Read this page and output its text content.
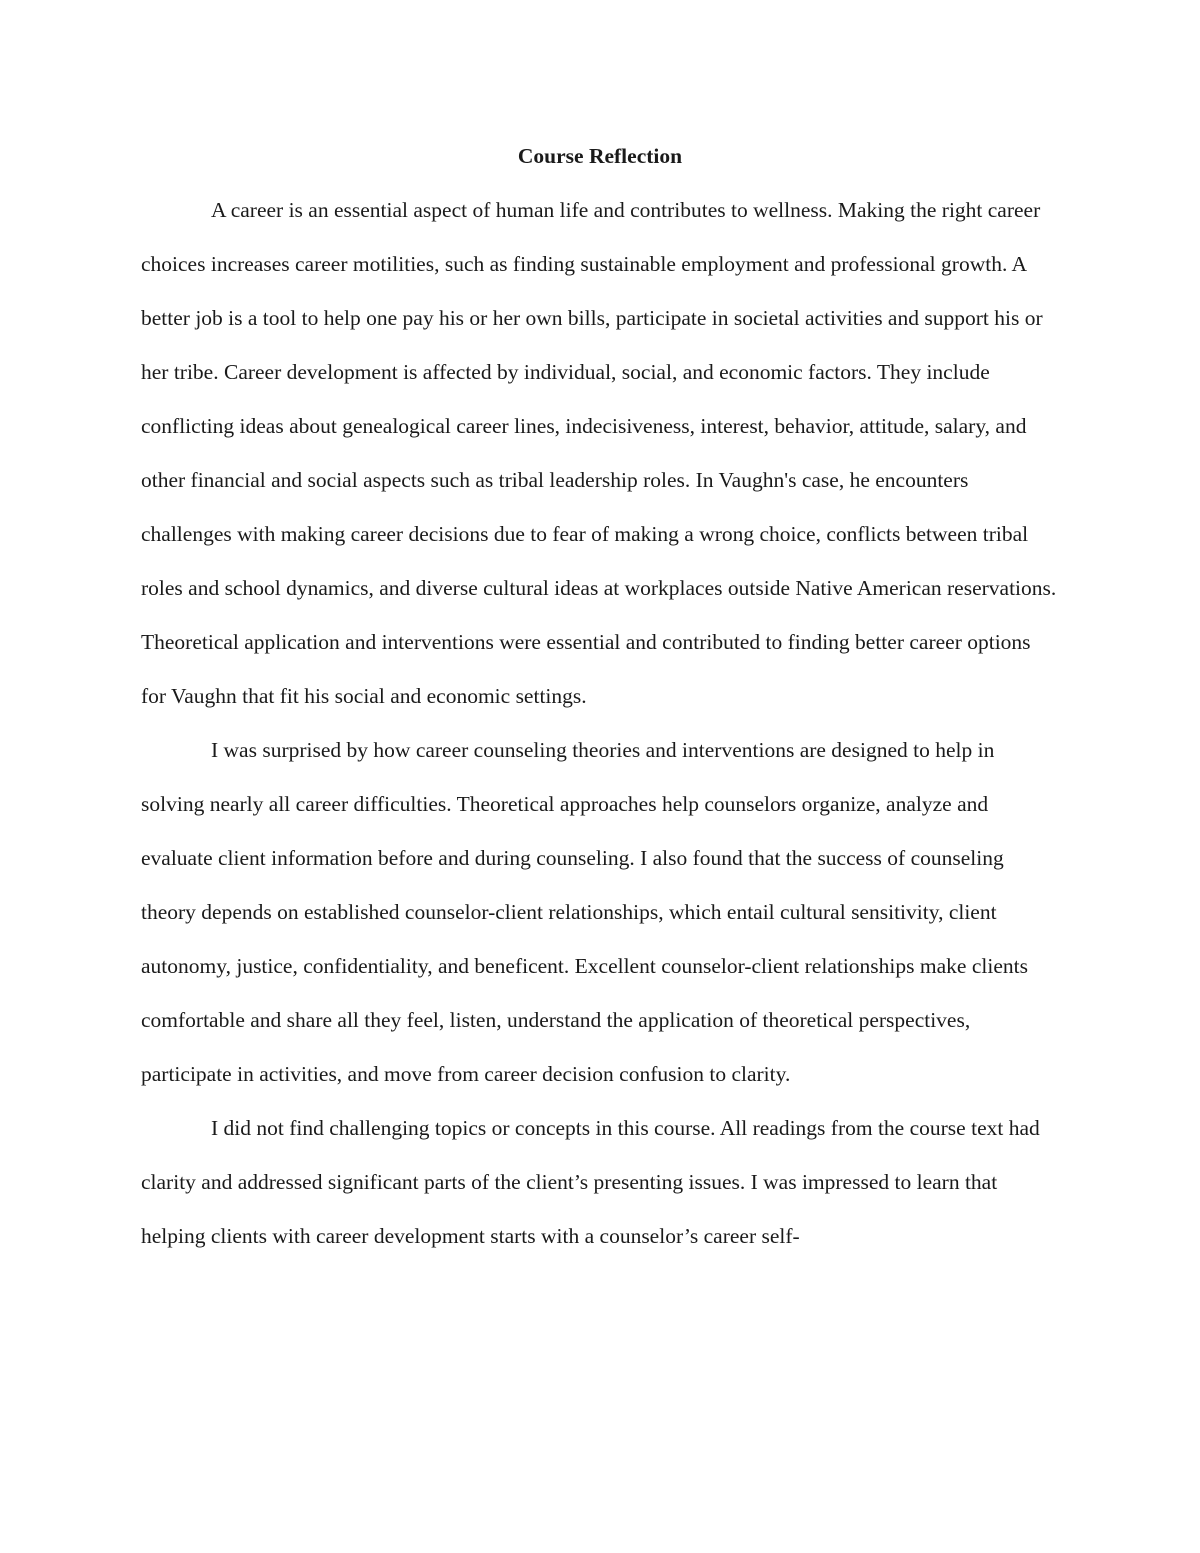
Course Reflection

A career is an essential aspect of human life and contributes to wellness. Making the right career choices increases career motilities, such as finding sustainable employment and professional growth. A better job is a tool to help one pay his or her own bills, participate in societal activities and support his or her tribe. Career development is affected by individual, social, and economic factors. They include conflicting ideas about genealogical career lines, indecisiveness, interest, behavior, attitude, salary, and other financial and social aspects such as tribal leadership roles. In Vaughn's case, he encounters challenges with making career decisions due to fear of making a wrong choice, conflicts between tribal roles and school dynamics, and diverse cultural ideas at workplaces outside Native American reservations. Theoretical application and interventions were essential and contributed to finding better career options for Vaughn that fit his social and economic settings.

I was surprised by how career counseling theories and interventions are designed to help in solving nearly all career difficulties. Theoretical approaches help counselors organize, analyze and evaluate client information before and during counseling. I also found that the success of counseling theory depends on established counselor-client relationships, which entail cultural sensitivity, client autonomy, justice, confidentiality, and beneficent. Excellent counselor-client relationships make clients comfortable and share all they feel, listen, understand the application of theoretical perspectives, participate in activities, and move from career decision confusion to clarity.

I did not find challenging topics or concepts in this course. All readings from the course text had clarity and addressed significant parts of the client’s presenting issues. I was impressed to learn that helping clients with career development starts with a counselor’s career self-
